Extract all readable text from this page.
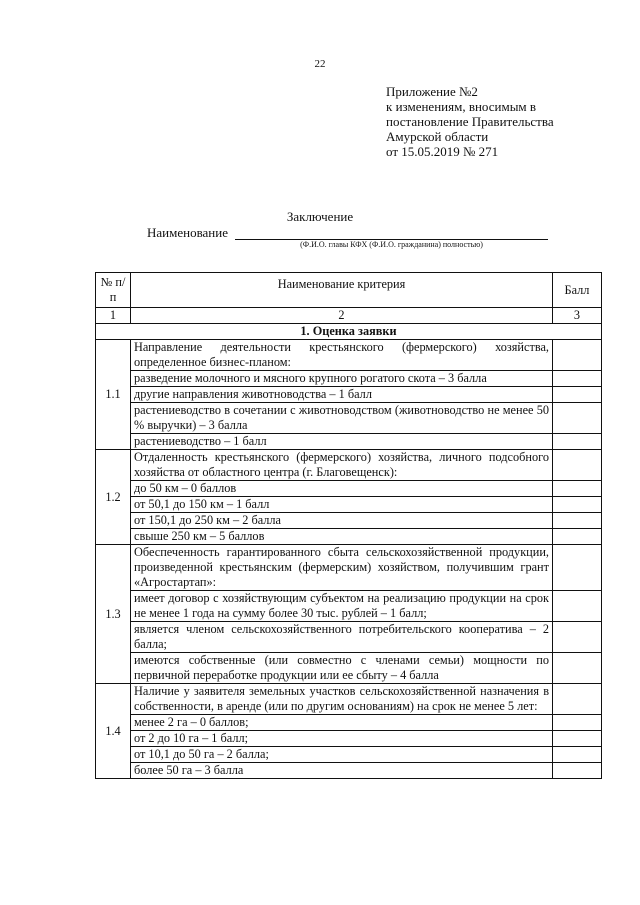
22
Приложение №2
к изменениям, вносимым в
постановление Правительства
Амурской области
от 15.05.2019 № 271
Заключение
Наименование
(Ф.И.О. главы КФХ (Ф.И.О. гражданина) полностью)
№ п/п	Наименование критерия	Балл
1	2	3
1. Оценка заявки		
1.1	Направление деятельности крестьянского (фермерского) хозяйства, определенное бизнес-планом:	
	разведение молочного и мясного крупного рогатого скота – 3 балла	
	другие направления животноводства – 1 балл	
	растениеводство в сочетании с животноводством (животноводство не менее 50 % выручки) – 3 балла	
	растениеводство – 1 балл	
1.2	Отдаленность крестьянского (фермерского) хозяйства, личного подсобного хозяйства от областного центра (г. Благовещенск):	
	до 50 км – 0 баллов	
	от 50,1 до 150 км – 1 балл	
	от 150,1 до 250 км – 2 балла	
	свыше 250 км – 5 баллов	
1.3	Обеспеченность гарантированного сбыта сельскохозяйственной продукции, произведенной крестьянским (фермерским) хозяйством, получившим грант «Агростартап»:	
	имеет договор с хозяйствующим субъектом на реализацию продукции на срок не менее 1 года на сумму более 30 тыс. рублей – 1 балл;	
	является членом сельскохозяйственного потребительского кооператива – 2 балла;	
	имеются собственные (или совместно с членами семьи) мощности по первичной переработке продукции или ее сбыту – 4 балла	
1.4	Наличие у заявителя земельных участков сельскохозяйственной назначения в собственности, в аренде (или по другим основаниям) на срок не менее 5 лет:	
	менее 2 га – 0 баллов;	
	от 2 до 10 га – 1 балл;	
	от 10,1 до 50 га – 2 балла;	
	более 50 га – 3 балла	
